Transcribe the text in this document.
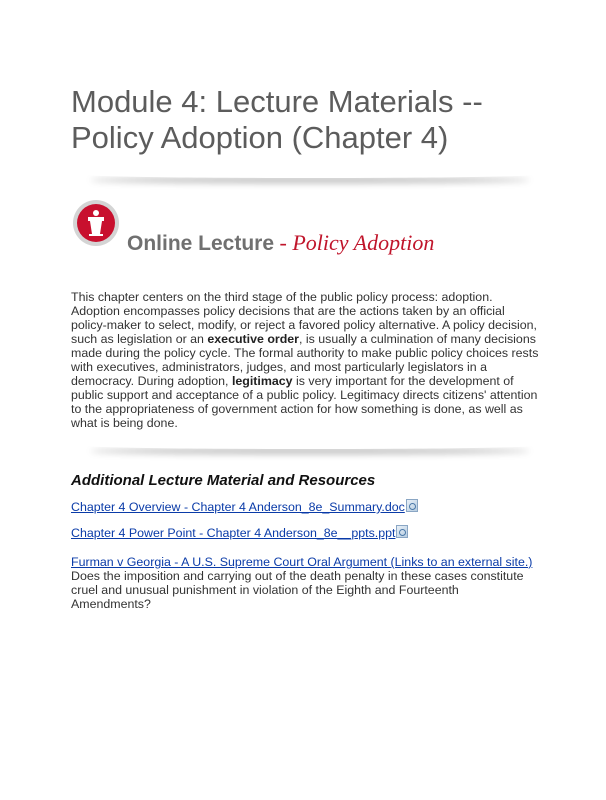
Module 4: Lecture Materials -- Policy Adoption (Chapter 4)
Online Lecture - Policy Adoption

This chapter centers on the third stage of the public policy process: adoption. Adoption encompasses policy decisions that are the actions taken by an official policy-maker to select, modify, or reject a favored policy alternative. A policy decision, such as legislation or an executive order, is usually a culmination of many decisions made during the policy cycle. The formal authority to make public policy choices rests with executives, administrators, judges, and most particularly legislators in a democracy. During adoption, legitimacy is very important for the development of public support and acceptance of a public policy. Legitimacy directs citizens' attention to the appropriateness of government action for how something is done, as well as what is being done.

Additional Lecture Material and Resources
Chapter 4 Overview - Chapter 4 Anderson_8e_Summary.doc
Chapter 4 Power Point - Chapter 4 Anderson_8e__ppts.ppt
Furman v Georgia - A U.S. Supreme Court Oral Argument (Links to an external site.)
Does the imposition and carrying out of the death penalty in these cases constitute cruel and unusual punishment in violation of the Eighth and Fourteenth Amendments?
